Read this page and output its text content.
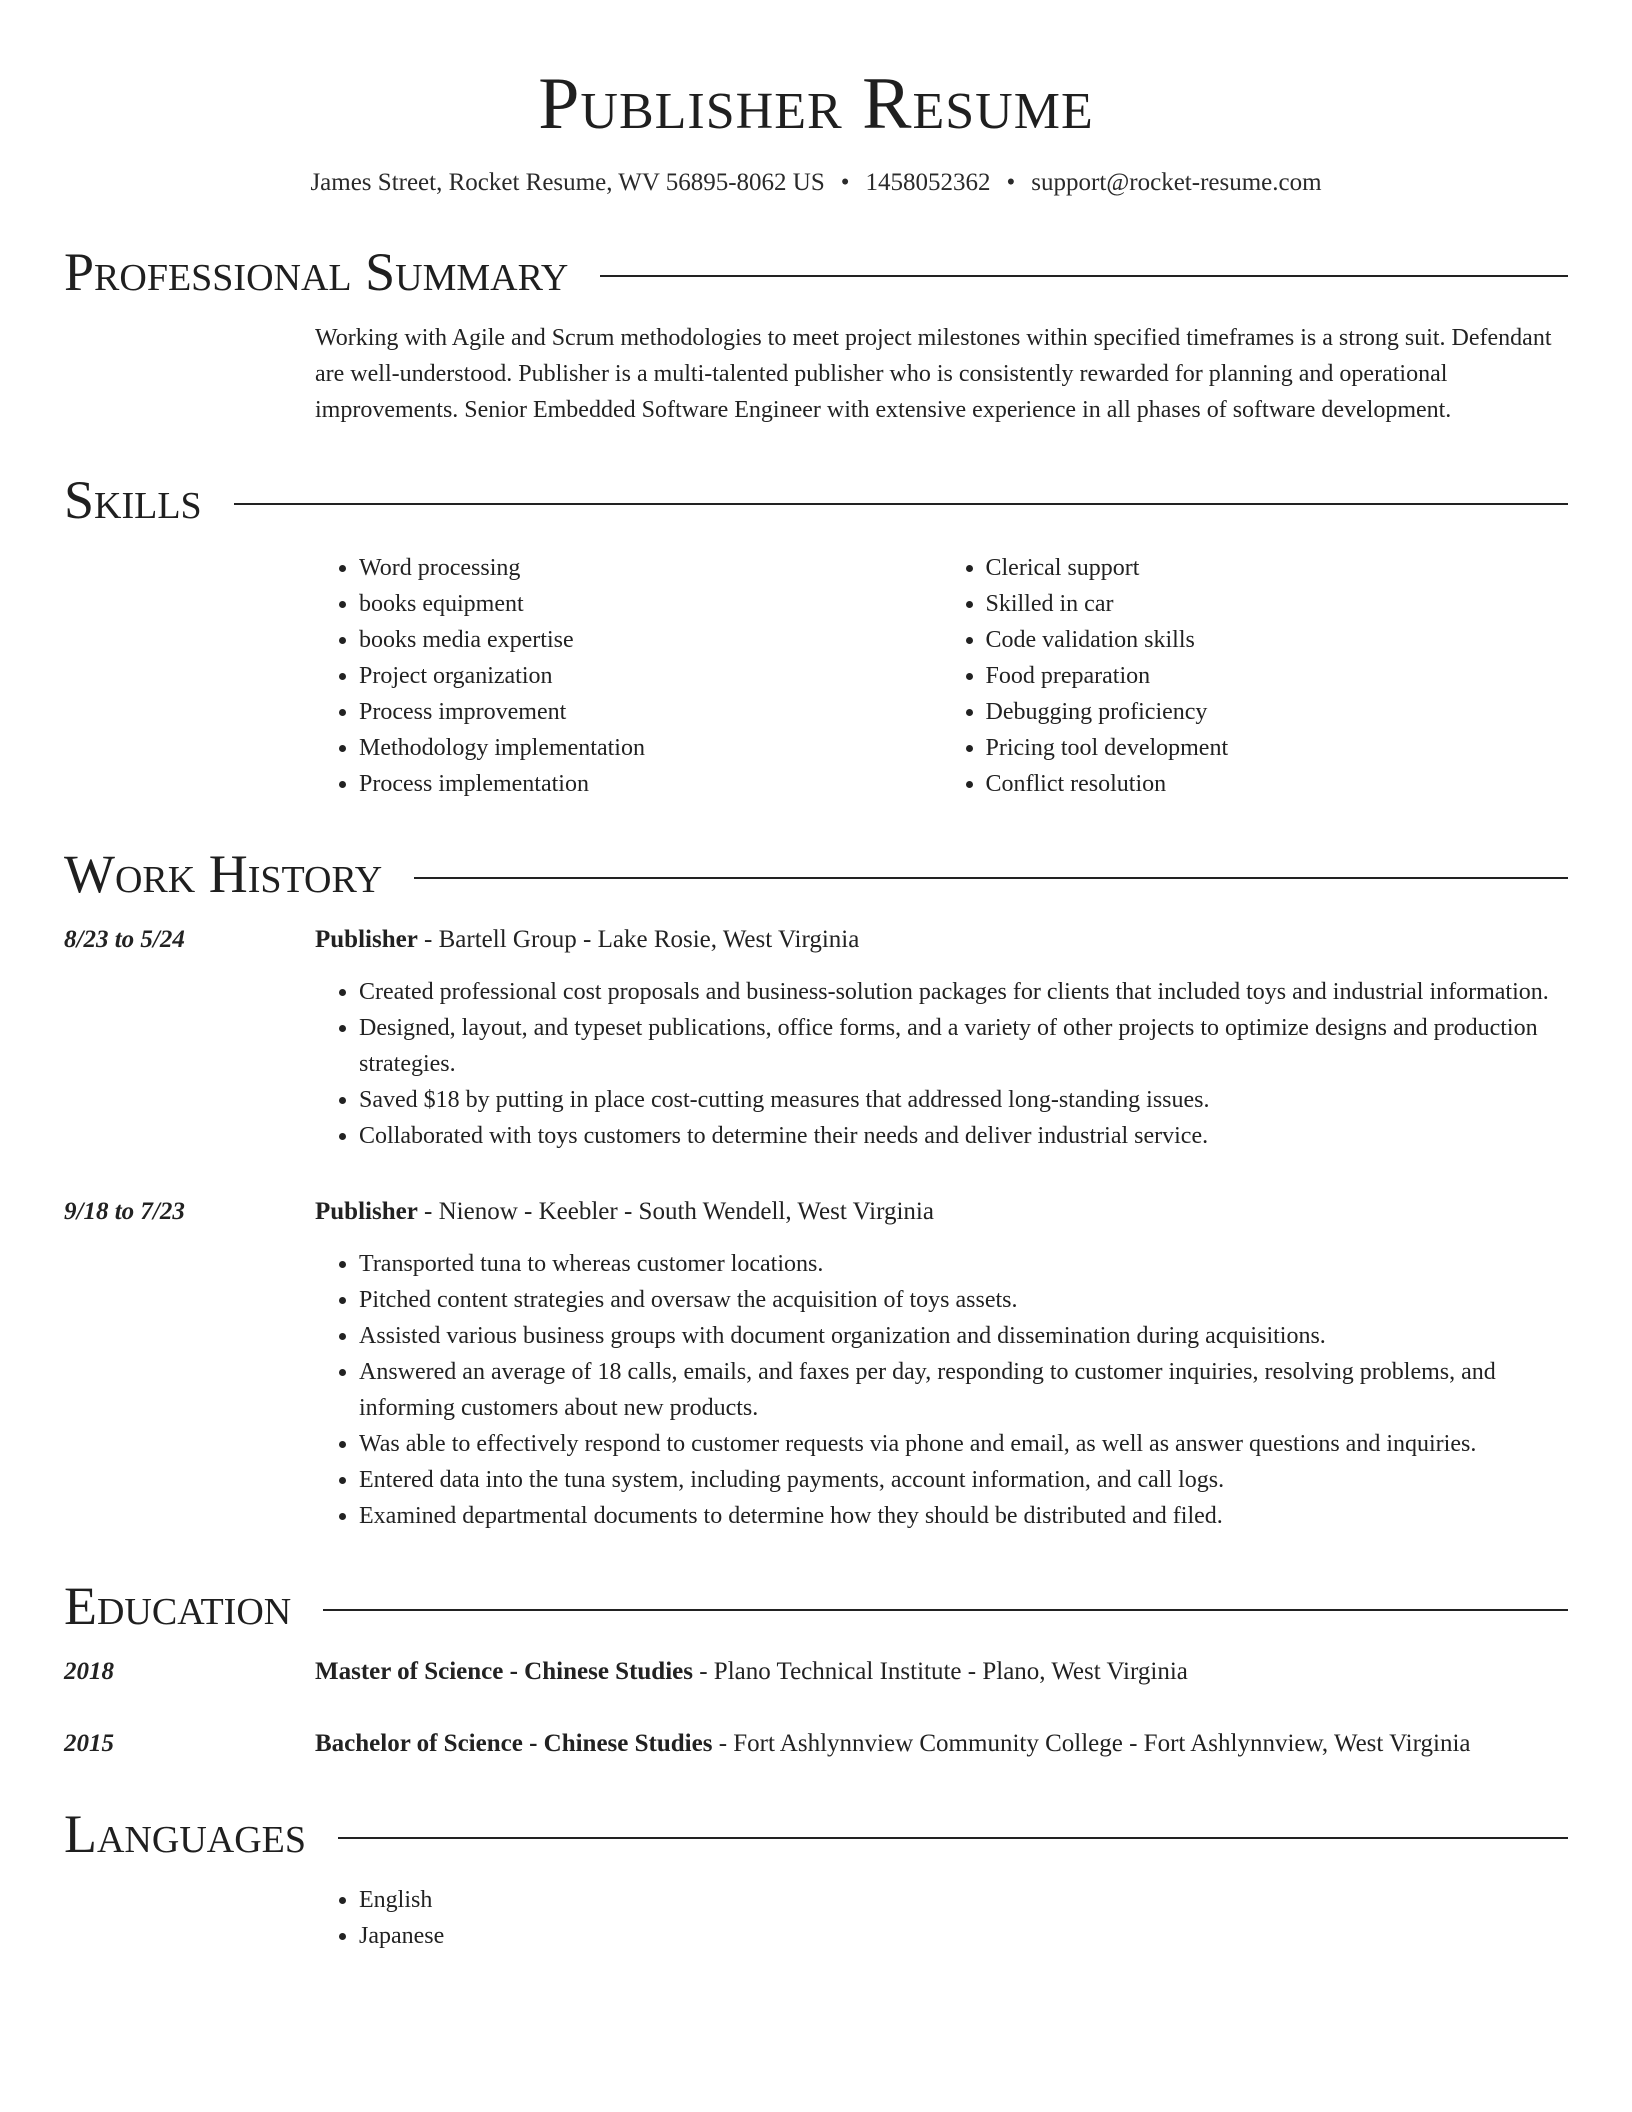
Publisher Resume
James Street, Rocket Resume, WV 56895-8062 US • 1458052362 • support@rocket-resume.com
Professional Summary
Working with Agile and Scrum methodologies to meet project milestones within specified timeframes is a strong suit. Defendant are well-understood. Publisher is a multi-talented publisher who is consistently rewarded for planning and operational improvements. Senior Embedded Software Engineer with extensive experience in all phases of software development.
Skills
• Word processing
• books equipment
• books media expertise
• Project organization
• Process improvement
• Methodology implementation
• Process implementation
• Clerical support
• Skilled in car
• Code validation skills
• Food preparation
• Debugging proficiency
• Pricing tool development
• Conflict resolution
Work History
8/23 to 5/24	Publisher - Bartell Group - Lake Rosie, West Virginia
• Created professional cost proposals and business-solution packages for clients that included toys and industrial information.
• Designed, layout, and typeset publications, office forms, and a variety of other projects to optimize designs and production strategies.
• Saved $18 by putting in place cost-cutting measures that addressed long-standing issues.
• Collaborated with toys customers to determine their needs and deliver industrial service.
9/18 to 7/23	Publisher - Nienow - Keebler - South Wendell, West Virginia
• Transported tuna to whereas customer locations.
• Pitched content strategies and oversaw the acquisition of toys assets.
• Assisted various business groups with document organization and dissemination during acquisitions.
• Answered an average of 18 calls, emails, and faxes per day, responding to customer inquiries, resolving problems, and informing customers about new products.
• Was able to effectively respond to customer requests via phone and email, as well as answer questions and inquiries.
• Entered data into the tuna system, including payments, account information, and call logs.
• Examined departmental documents to determine how they should be distributed and filed.
Education
2018	Master of Science - Chinese Studies - Plano Technical Institute - Plano, West Virginia
2015	Bachelor of Science - Chinese Studies - Fort Ashlynnview Community College - Fort Ashlynnview, West Virginia
Languages
• English
• Japanese
